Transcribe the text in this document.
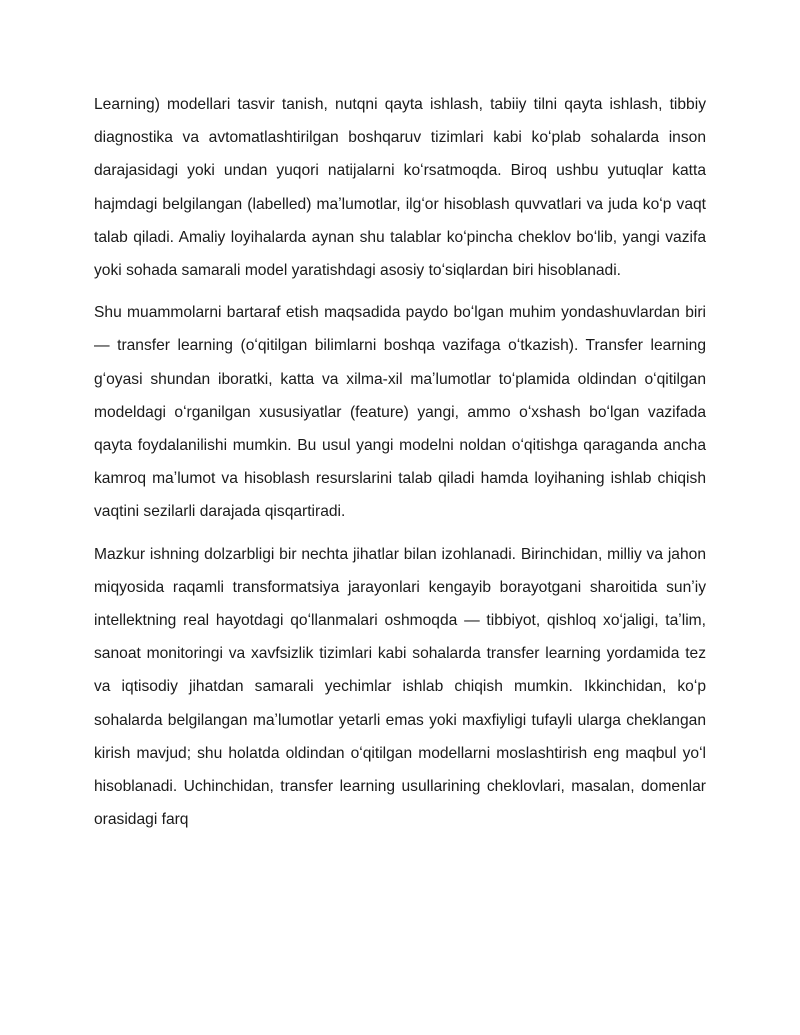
Learning) modellari tasvir tanish, nutqni qayta ishlash, tabiiy tilni qayta ishlash, tibbiy diagnostika va avtomatlashtirilgan boshqaruv tizimlari kabi koʻplab sohalarda inson darajasidagi yoki undan yuqori natijalarni koʻrsatmoqda. Biroq ushbu yutuqlar katta hajmdagi belgilangan (labelled) maʼlumotlar, ilgʻor hisoblash quvvatlari va juda koʻp vaqt talab qiladi. Amaliy loyihalarda aynan shu talablar koʻpincha cheklov boʻlib, yangi vazifa yoki sohada samarali model yaratishdagi asosiy toʻsiqlardan biri hisoblanadi.

Shu muammolarni bartaraf etish maqsadida paydo boʻlgan muhim yondashuvlardan biri — transfer learning (oʻqitilgan bilimlarni boshqa vazifaga oʻtkazish). Transfer learning gʻoyasi shundan iboratki, katta va xilma-xil maʼlumotlar toʻplamida oldindan oʻqitilgan modeldagi oʻrganilgan xususiyatlar (feature) yangi, ammo oʻxshash boʻlgan vazifada qayta foydalanilishi mumkin. Bu usul yangi modelni noldan oʻqitishga qaraganda ancha kamroq maʼlumot va hisoblash resurslarini talab qiladi hamda loyihaning ishlab chiqish vaqtini sezilarli darajada qisqartiradi.

Mazkur ishning dolzarbligi bir nechta jihatlar bilan izohlanadi. Birinchidan, milliy va jahon miqyosida raqamli transformatsiya jarayonlari kengayib borayotgani sharoitida sunʼiy intellektning real hayotdagi qoʻllanmalari oshmoqda — tibbiyot, qishloq xoʻjaligi, taʼlim, sanoat monitoringi va xavfsizlik tizimlari kabi sohalarda transfer learning yordamida tez va iqtisodiy jihatdan samarali yechimlar ishlab chiqish mumkin. Ikkinchidan, koʻp sohalarda belgilangan maʼlumotlar yetarli emas yoki maxfiyligi tufayli ularga cheklangan kirish mavjud; shu holatda oldindan oʻqitilgan modellarni moslashtirish eng maqbul yoʻl hisoblanadi. Uchinchidan, transfer learning usullarining cheklovlari, masalan, domenlar orasidagi farq
